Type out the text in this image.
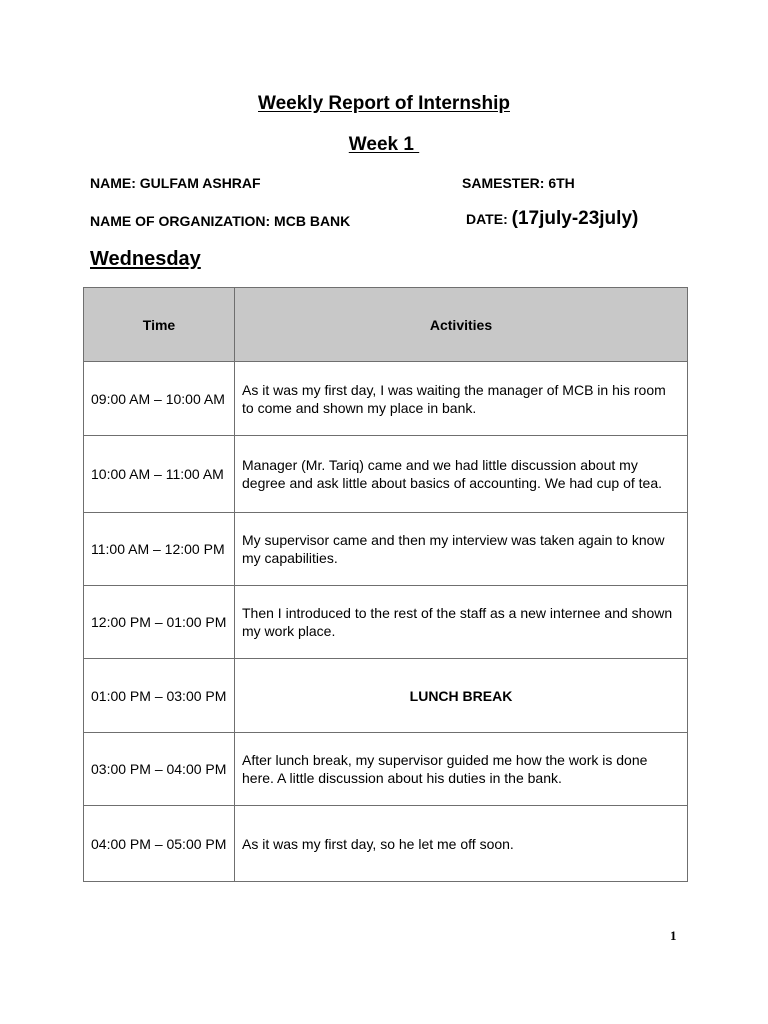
Weekly Report of Internship
Week 1
NAME: GULFAM ASHRAF	SAMESTER: 6TH
NAME OF ORGANIZATION: MCB BANK	DATE: (17july-23july)
Wednesday
Time	Activities
09:00 AM – 10:00 AM	As it was my first day, I was waiting the manager of MCB in his room to come and shown my place in bank.
10:00 AM – 11:00 AM	Manager (Mr. Tariq) came and we had little discussion about my degree and ask little about basics of accounting. We had cup of tea.
11:00 AM – 12:00 PM	My supervisor came and then my interview was taken again to know my capabilities.
12:00 PM – 01:00 PM	Then I introduced to the rest of the staff as a new internee and shown my work place.
01:00 PM – 03:00 PM	LUNCH BREAK
03:00 PM – 04:00 PM	After lunch break, my supervisor guided me how the work is done here. A little discussion about his duties in the bank.
04:00 PM – 05:00 PM	As it was my first day, so he let me off soon.
1
